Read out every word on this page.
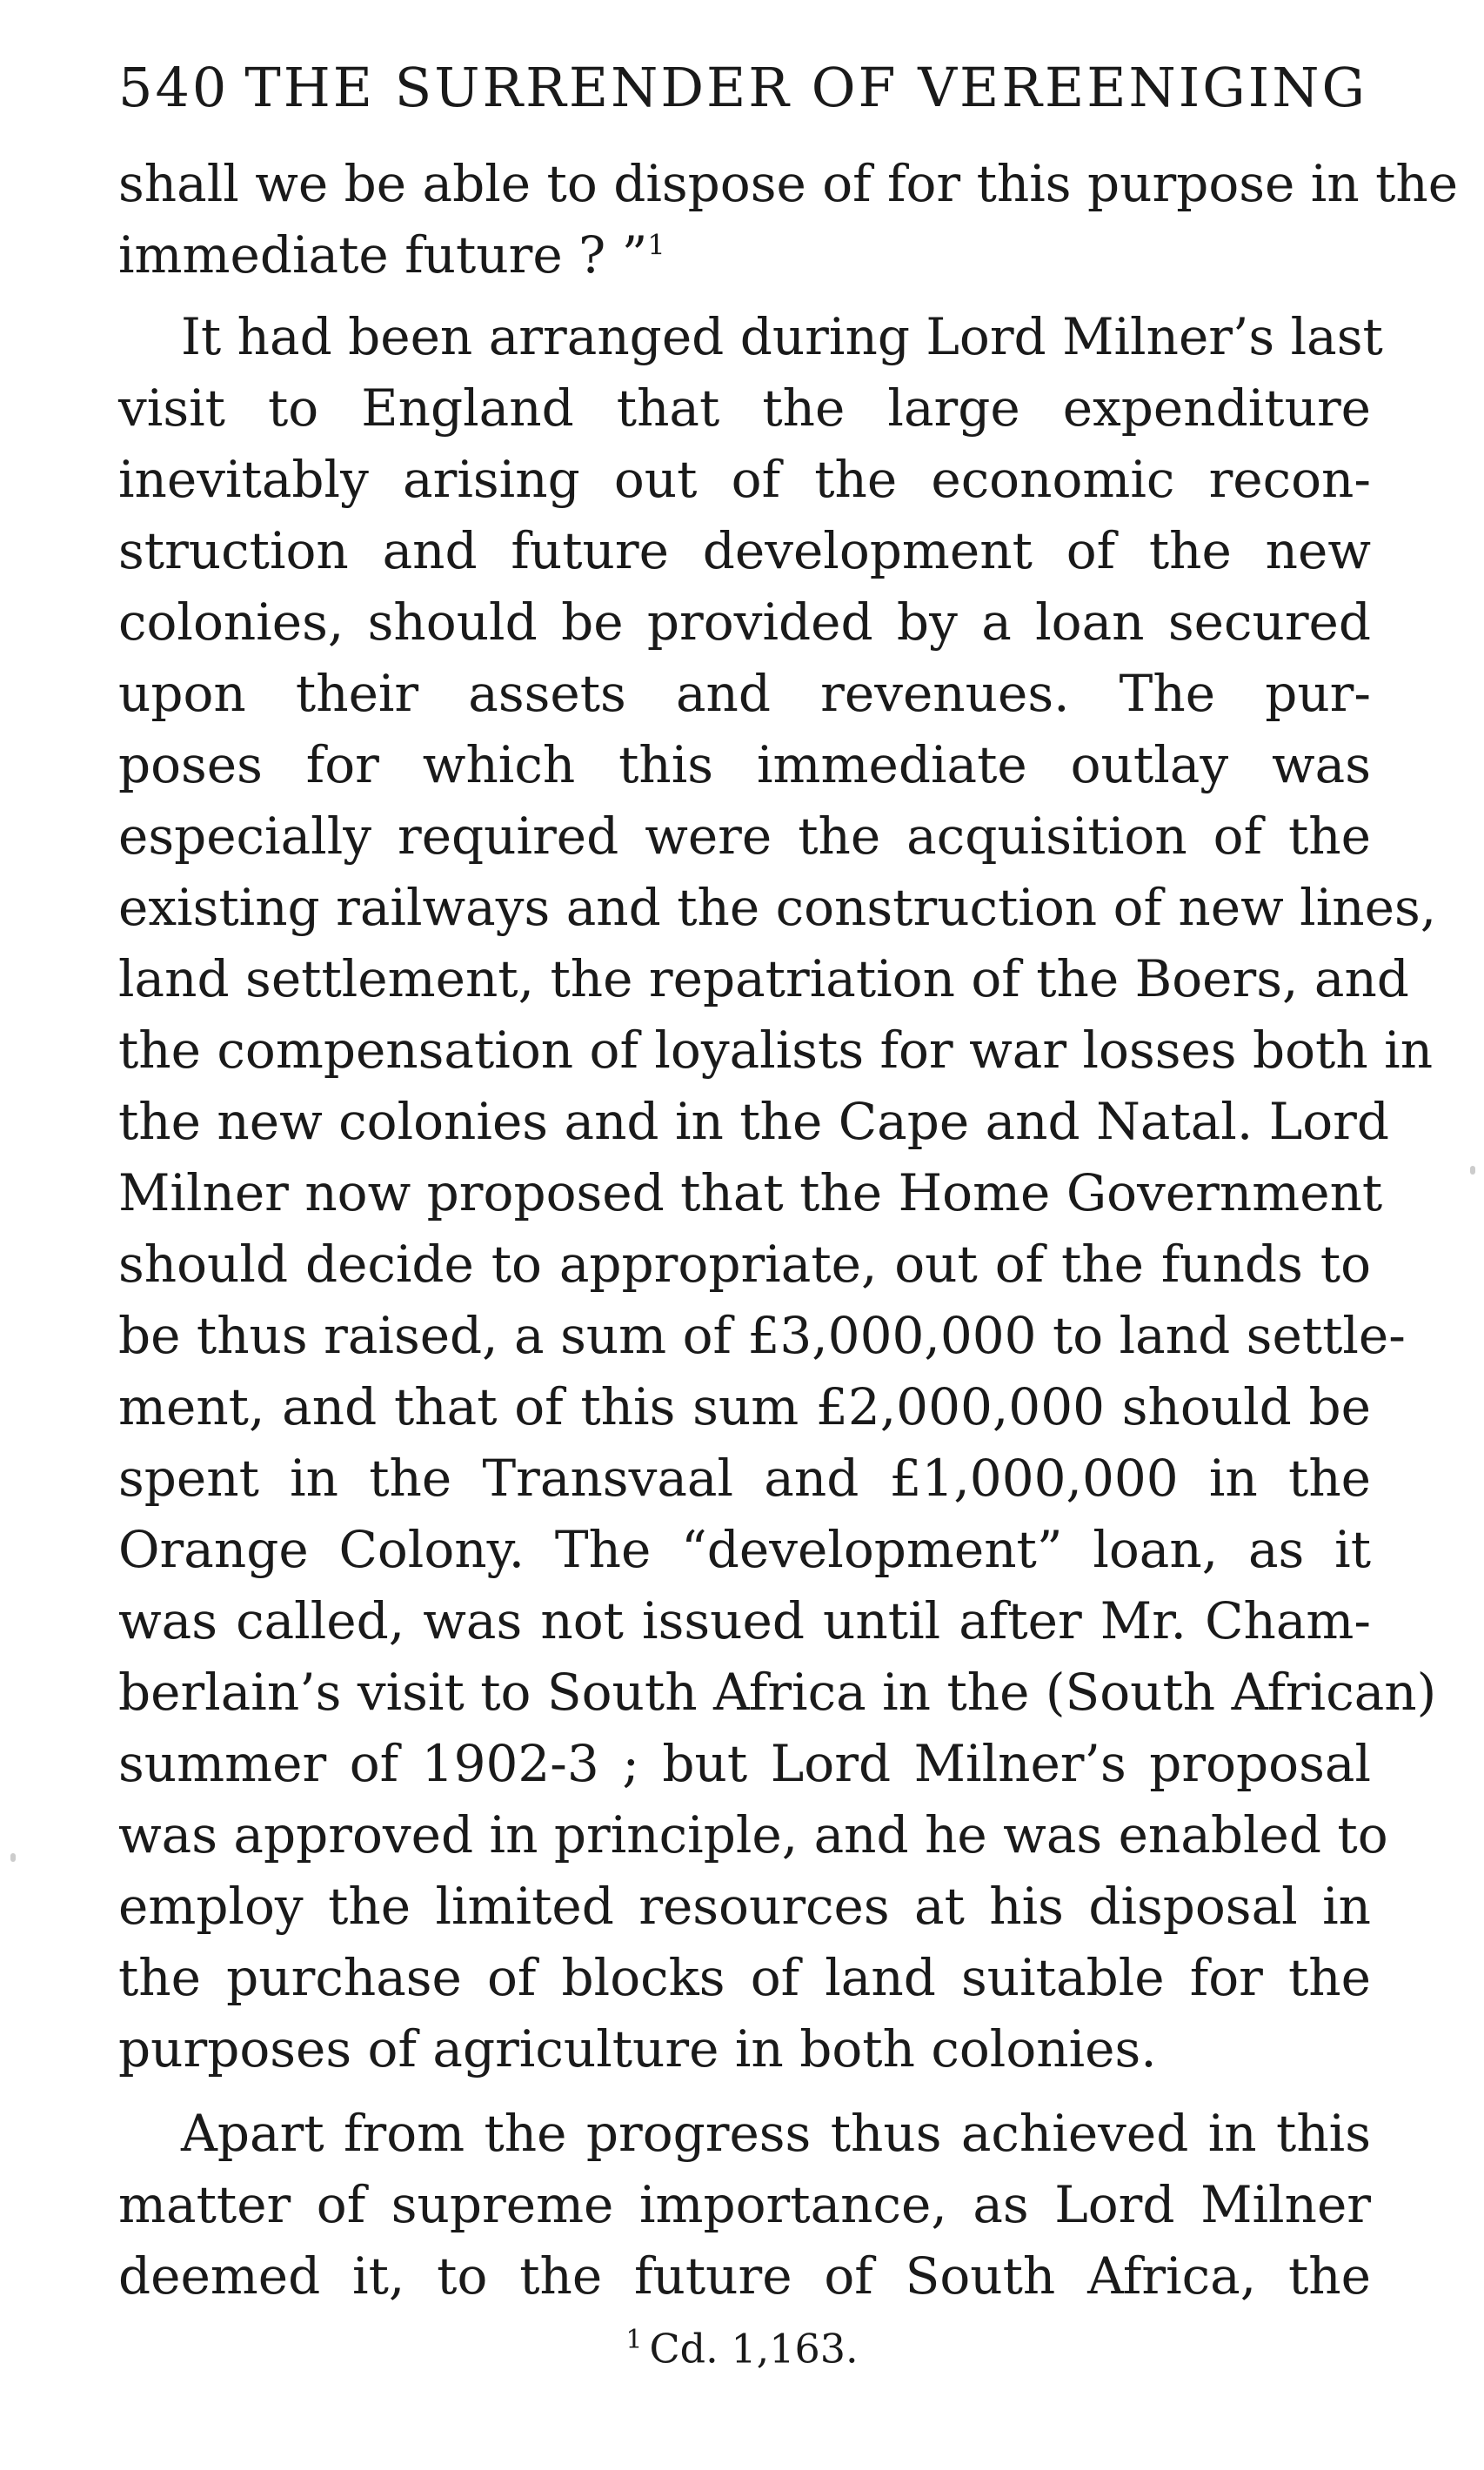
540 THE SURRENDER OF VEREENIGING
shall we be able to dispose of for this purpose in the
immediate future ? ”$^1$
It had been arranged during Lord Milner’s last
visit to England that the large expenditure
inevitably arising out of the economic recon-
struction and future development of the new
colonies, should be provided by a loan secured
upon their assets and revenues. The pur-
poses for which this immediate outlay was
especially required were the acquisition of the
existing railways and the construction of new lines,
land settlement, the repatriation of the Boers, and
the compensation of loyalists for war losses both in
the new colonies and in the Cape and Natal. Lord
Milner now proposed that the Home Government
should decide to appropriate, out of the funds to
be thus raised, a sum of £3,000,000 to land settle-
ment, and that of this sum £2,000,000 should be
spent in the Transvaal and £1,000,000 in the
Orange Colony. The “development” loan, as it
was called, was not issued until after Mr. Cham-
berlain’s visit to South Africa in the (South African)
summer of 1902-3 ; but Lord Milner’s proposal
was approved in principle, and he was enabled to
employ the limited resources at his disposal in
the purchase of blocks of land suitable for the
purposes of agriculture in both colonies.
Apart from the progress thus achieved in this
matter of supreme importance, as Lord Milner
deemed it, to the future of South Africa, the
$^1$ Cd. 1,163.
